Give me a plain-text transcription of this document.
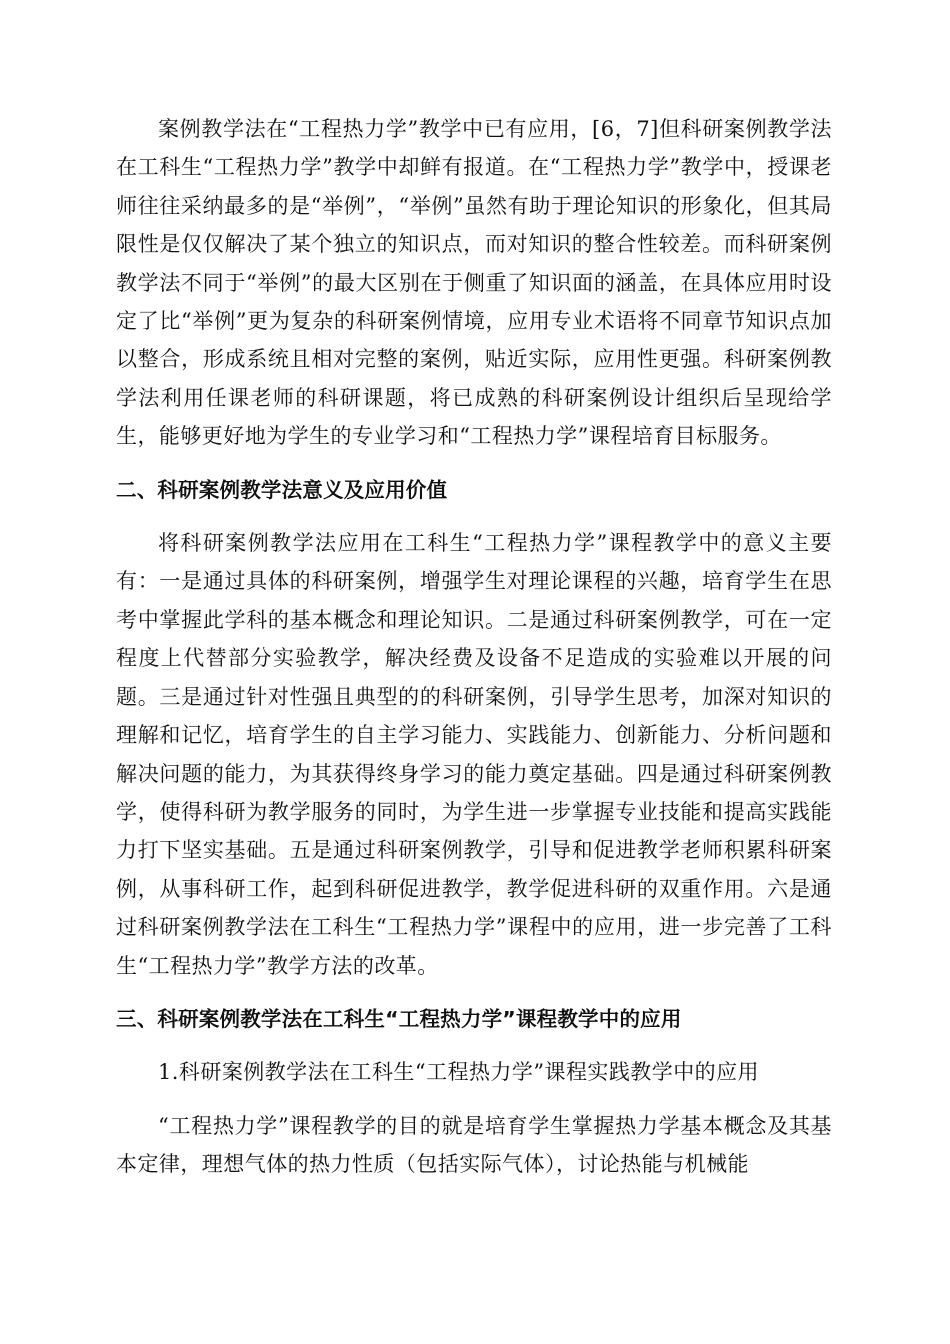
案例教学法在“工程热力学”教学中已有应用，[6，7]但科研案例教学法在工科生“工程热力学”教学中却鲜有报道。在“工程热力学”教学中，授课老师往往采纳最多的是“举例”，“举例”虽然有助于理论知识的形象化，但其局限性是仅仅解决了某个独立的知识点，而对知识的整合性较差。而科研案例教学法不同于“举例”的最大区别在于侧重了知识面的涵盖，在具体应用时设定了比“举例”更为复杂的科研案例情境，应用专业术语将不同章节知识点加以整合，形成系统且相对完整的案例，贴近实际，应用性更强。科研案例教学法利用任课老师的科研课题，将已成熟的科研案例设计组织后呈现给学生，能够更好地为学生的专业学习和“工程热力学”课程培育目标服务。

二、科研案例教学法意义及应用价值

将科研案例教学法应用在工科生“工程热力学”课程教学中的意义主要有：一是通过具体的科研案例，增强学生对理论课程的兴趣，培育学生在思考中掌握此学科的基本概念和理论知识。二是通过科研案例教学，可在一定程度上代替部分实验教学，解决经费及设备不足造成的实验难以开展的问题。三是通过针对性强且典型的的科研案例，引导学生思考，加深对知识的理解和记忆，培育学生的自主学习能力、实践能力、创新能力、分析问题和解决问题的能力，为其获得终身学习的能力奠定基础。四是通过科研案例教学，使得科研为教学服务的同时，为学生进一步掌握专业技能和提高实践能力打下坚实基础。五是通过科研案例教学，引导和促进教学老师积累科研案例，从事科研工作，起到科研促进教学，教学促进科研的双重作用。六是通过科研案例教学法在工科生“工程热力学”课程中的应用，进一步完善了工科生“工程热力学”教学方法的改革。

三、科研案例教学法在工科生“工程热力学”课程教学中的应用

1.科研案例教学法在工科生“工程热力学”课程实践教学中的应用

“工程热力学”课程教学的目的就是培育学生掌握热力学基本概念及其基本定律，理想气体的热力性质（包括实际气体），讨论热能与机械能
